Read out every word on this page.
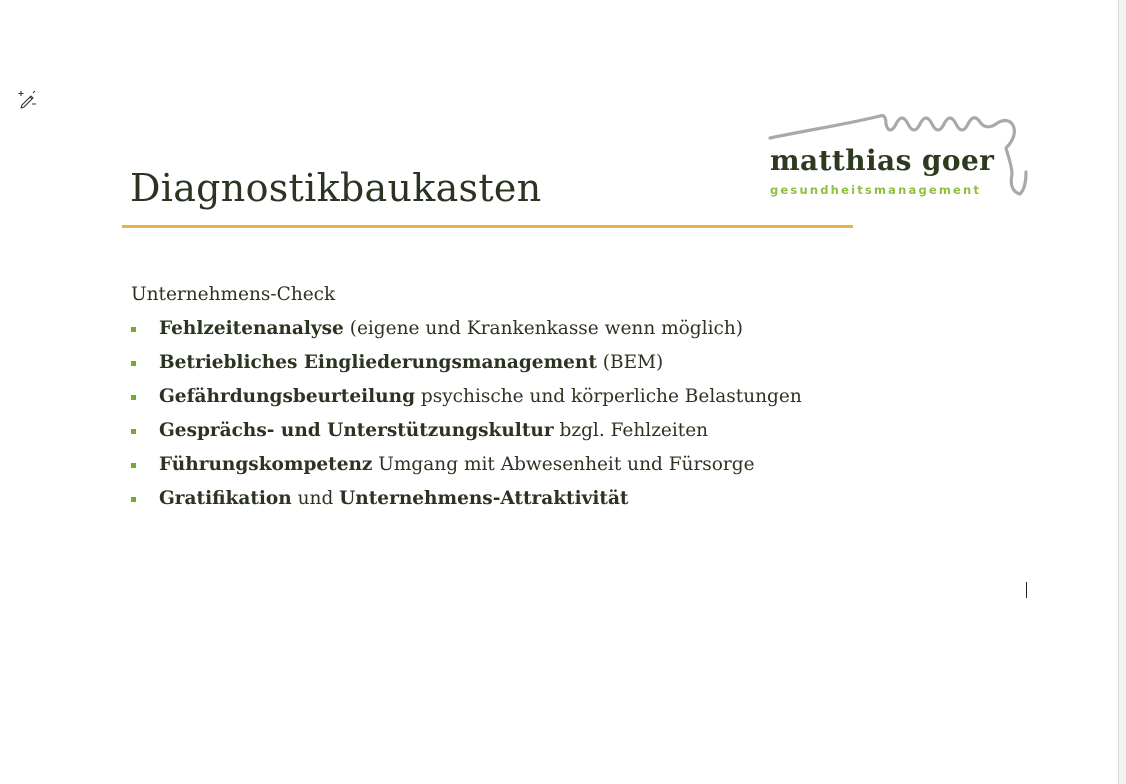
Diagnostikbaukasten
matthias goer
gesundheitsmanagement
Unternehmens-Check
Fehlzeitenanalyse (eigene und Krankenkasse wenn möglich)
Betriebliches Eingliederungsmanagement (BEM)
Gefährdungsbeurteilung psychische und körperliche Belastungen
Gesprächs- und Unterstützungskultur bzgl. Fehlzeiten
Führungskompetenz Umgang mit Abwesenheit und Fürsorge
Gratifikation und Unternehmens-Attraktivität
